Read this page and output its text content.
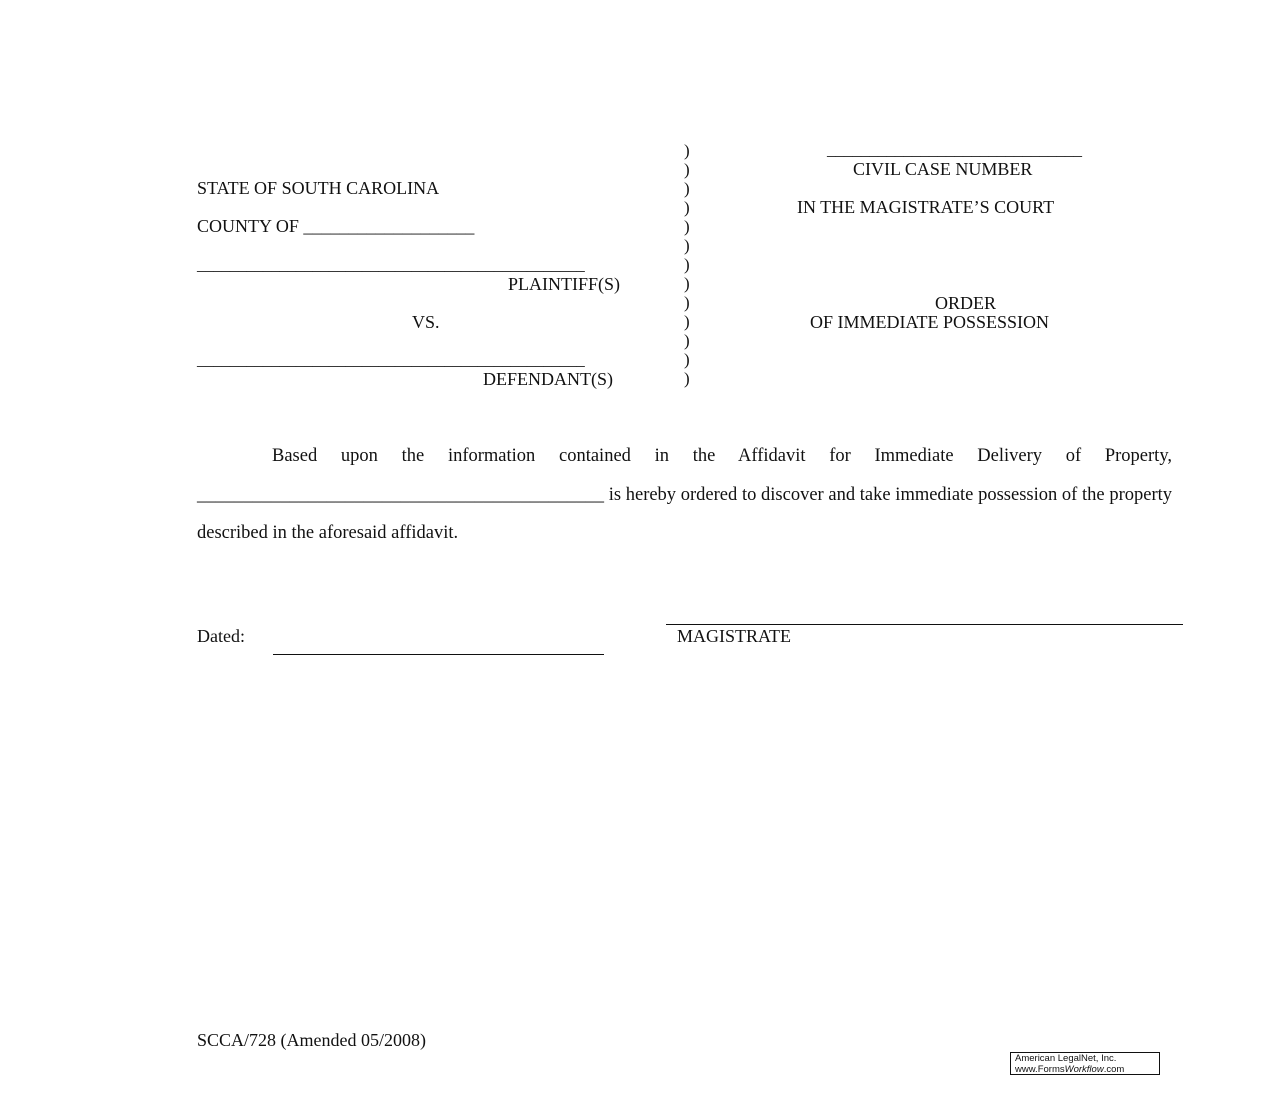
STATE OF SOUTH CAROLINA
COUNTY OF ___________________
_______________________________________________
PLAINTIFF(S)
VS.
_______________________________________________
DEFENDANT(S)
)
)
)
)
)
)
)
)
)
)
)
)
)
______________________________
CIVIL CASE NUMBER
IN THE MAGISTRATE’S COURT
ORDER
OF IMMEDIATE POSSESSION
Based upon the information contained in the Affidavit for Immediate Delivery of Property, ____________________________________________ is hereby ordered to discover and take immediate possession of the property described in the aforesaid affidavit.
Dated:	MAGISTRATE
SCCA/728 (Amended 05/2008)
American LegalNet, Inc.
www.FormsWorkflow.com
